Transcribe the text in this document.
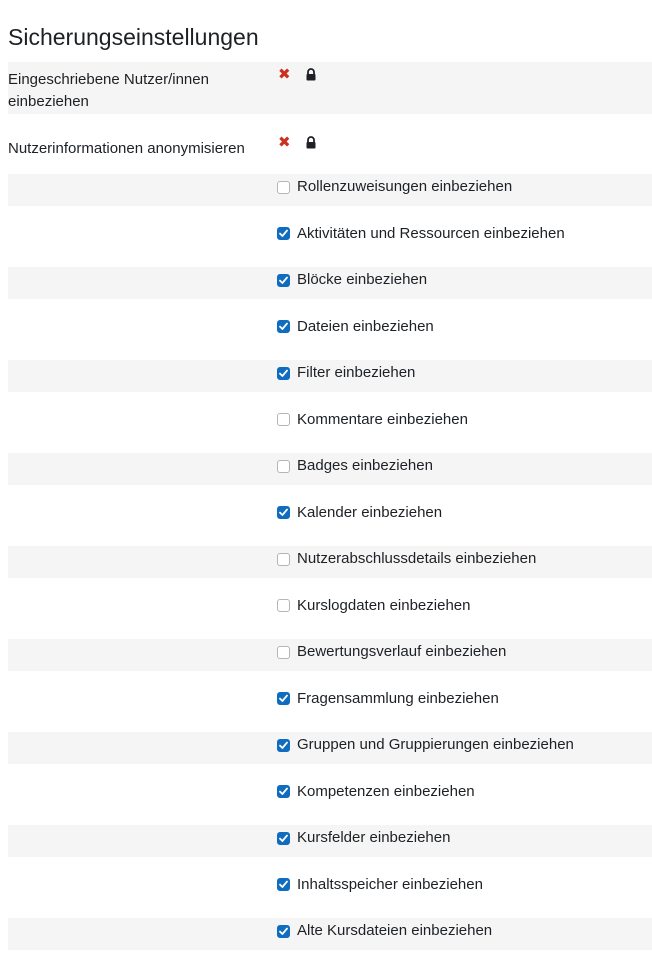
Sicherungseinstellungen
Eingeschriebene Nutzer/innen einbeziehen
✖
Nutzerinformationen anonymisieren	✖
Rollenzuweisungen einbeziehen
Aktivitäten und Ressourcen einbeziehen
Blöcke einbeziehen
Dateien einbeziehen
Filter einbeziehen
Kommentare einbeziehen
Badges einbeziehen
Kalender einbeziehen
Nutzerabschlussdetails einbeziehen
Kurslogdaten einbeziehen
Bewertungsverlauf einbeziehen
Fragensammlung einbeziehen
Gruppen und Gruppierungen einbeziehen
Kompetenzen einbeziehen
Kursfelder einbeziehen
Inhaltsspeicher einbeziehen
Alte Kursdateien einbeziehen
